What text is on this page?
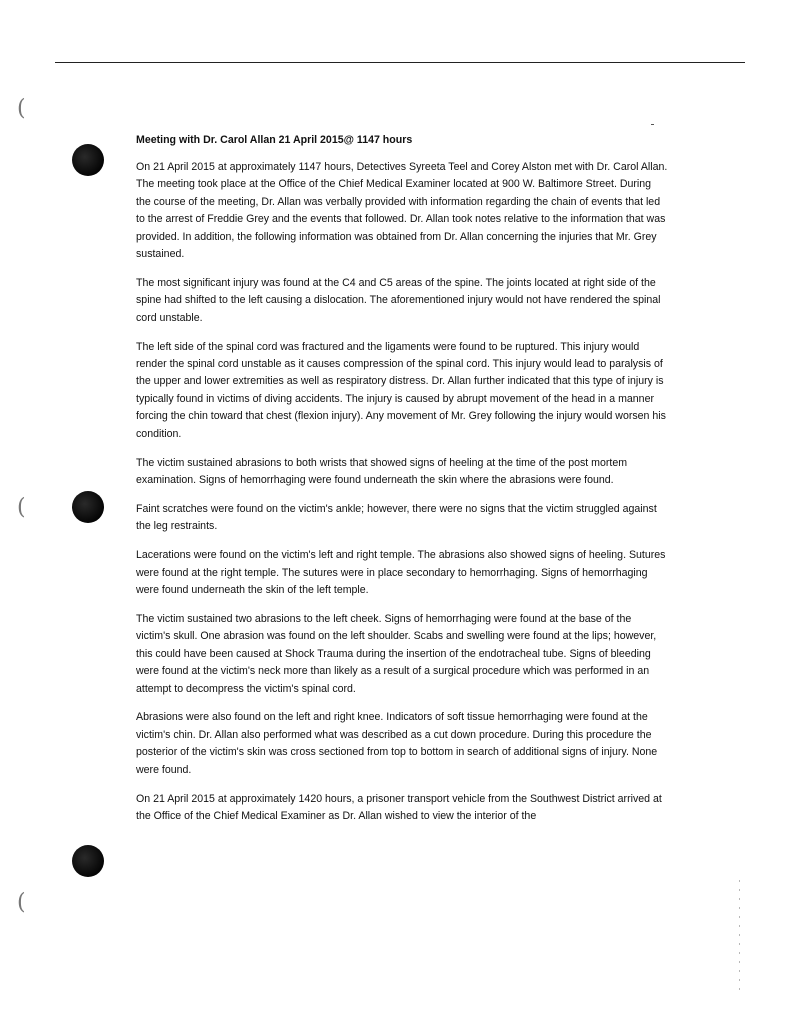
(
(
(
Meeting with Dr. Carol Allan 21 April 2015@ 1147 hours

On 21 April 2015 at approximately 1147 hours, Detectives Syreeta Teel and Corey Alston met with Dr. Carol Allan. The meeting took place at the Office of the Chief Medical Examiner located at 900 W. Baltimore Street. During the course of the meeting, Dr. Allan was verbally provided with information regarding the chain of events that led to the arrest of Freddie Grey and the events that followed. Dr. Allan took notes relative to the information that was provided. In addition, the following information was obtained from Dr. Allan concerning the injuries that Mr. Grey sustained.

The most significant injury was found at the C4 and C5 areas of the spine. The joints located at right side of the spine had shifted to the left causing a dislocation. The aforementioned injury would not have rendered the spinal cord unstable.

The left side of the spinal cord was fractured and the ligaments were found to be ruptured. This injury would render the spinal cord unstable as it causes compression of the spinal cord. This injury would lead to paralysis of the upper and lower extremities as well as respiratory distress. Dr. Allan further indicated that this type of injury is typically found in victims of diving accidents. The injury is caused by abrupt movement of the head in a manner forcing the chin toward that chest (flexion injury). Any movement of Mr. Grey following the injury would worsen his condition.

The victim sustained abrasions to both wrists that showed signs of heeling at the time of the post mortem examination. Signs of hemorrhaging were found underneath the skin where the abrasions were found.

Faint scratches were found on the victim's ankle; however, there were no signs that the victim struggled against the leg restraints.

Lacerations were found on the victim's left and right temple. The abrasions also showed signs of heeling. Sutures were found at the right temple. The sutures were in place secondary to hemorrhaging. Signs of hemorrhaging were found underneath the skin of the left temple.

The victim sustained two abrasions to the left cheek. Signs of hemorrhaging were found at the base of the victim's skull. One abrasion was found on the left shoulder. Scabs and swelling were found at the lips; however, this could have been caused at Shock Trauma during the insertion of the endotracheal tube. Signs of bleeding were found at the victim's neck more than likely as a result of a surgical procedure which was performed in an attempt to decompress the victim's spinal cord.

Abrasions were also found on the left and right knee. Indicators of soft tissue hemorrhaging were found at the victim's chin. Dr. Allan also performed what was described as a cut down procedure. During this procedure the posterior of the victim's skin was cross sectioned from top to bottom in search of additional signs of injury. None were found.

On 21 April 2015 at approximately 1420 hours, a prisoner transport vehicle from the Southwest District arrived at the Office of the Chief Medical Examiner as Dr. Allan wished to view the interior of the
